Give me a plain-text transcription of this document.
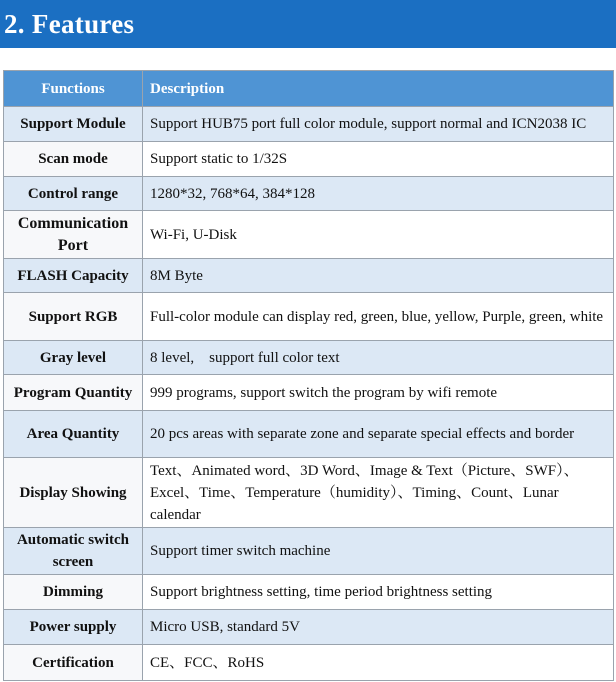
2. Features
Functions	Description
Support Module	Support HUB75 port full color module, support normal and ICN2038 IC
Scan mode	Support static to 1/32S
Control range	1280*32, 768*64, 384*128
Communication Port	Wi-Fi, U-Disk
FLASH Capacity	8M Byte
Support RGB	Full-color module can display red, green, blue, yellow, Purple, green, white
Gray level	8 level,    support full color text
Program Quantity	999 programs, support switch the program by wifi remote
Area Quantity	20 pcs areas with separate zone and separate special effects and border
Display Showing	Text、Animated word、3D Word、Image & Text（Picture、SWF）、Excel、Time、Temperature（humidity）、Timing、Count、Lunar calendar
Automatic switch screen	Support timer switch machine
Dimming	Support brightness setting, time period brightness setting
Power supply	Micro USB, standard 5V
Certification	CE、FCC、RoHS
